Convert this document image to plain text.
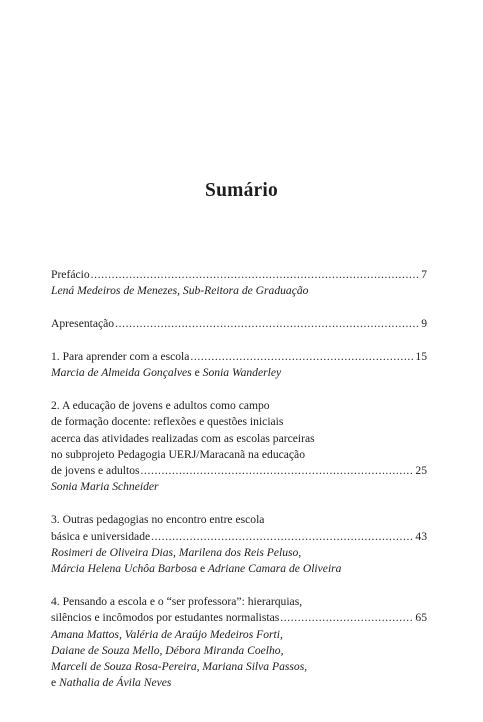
Sumário
Prefácio .....	7
Lená Medeiros de Menezes, Sub-Reitora de Graduação
Apresentação .....	9
1. Para aprender com a escola .....	15
Marcia de Almeida Gonçalves e Sonia Wanderley
2. A educação de jovens e adultos como campo
de formação docente: reflexões e questões iniciais
acerca das atividades realizadas com as escolas parceiras
no subprojeto Pedagogia UERJ/Maracanã na educação
de jovens e adultos .....	25
Sonia Maria Schneider
3. Outras pedagogias no encontro entre escola
básica e universidade .....	43
Rosimeri de Oliveira Dias, Marilena dos Reis Peluso,
Márcia Helena Uchôa Barbosa e Adriane Camara de Oliveira
4. Pensando a escola e o “ser professora”: hierarquias,
silêncios e incômodos por estudantes normalistas .....	65
Amana Mattos, Valéria de Araújo Medeiros Forti,
Daiane de Souza Mello, Débora Miranda Coelho,
Marceli de Souza Rosa-Pereira, Mariana Silva Passos,
e Nathalia de Ávila Neves
